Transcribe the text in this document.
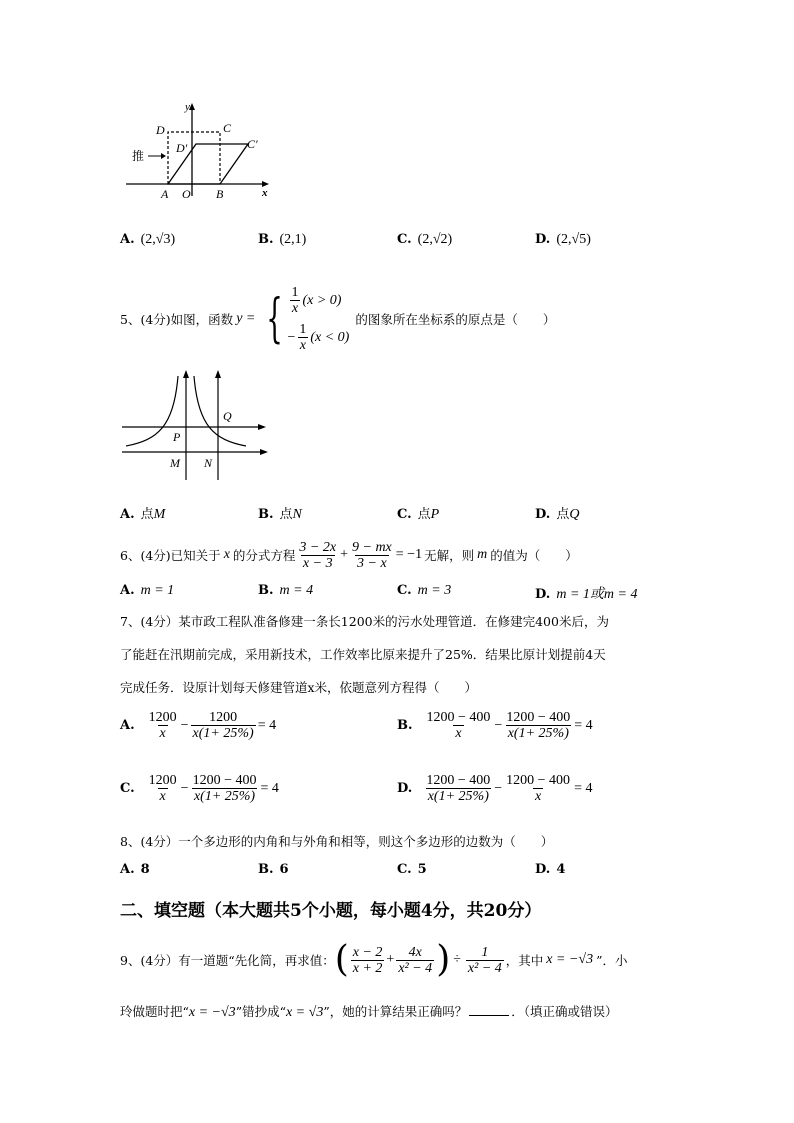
y
x
D	C
D′	C′
推
A O B
A. (2,√3)	B. (2,1)	C. (2,√2)	D. (2,√5)
5、(4分) 如图，函数 y = { $\frac{1}{x} (x > 0)$
− $\frac{1}{x} (x < 0)$
的图象所在坐标系的原点是（　　）
Q
P
M N
A. 点M	B. 点N	C. 点P	D. 点Q
6、(4分) 已知关于 x 的分式方程 $\frac{3 - 2x}{x - 3} + \frac{9 - mx}{3 - x} = -1$ 无解，则 m 的值为（　　）
A. m = 1	B. m = 4	C. m = 3	D. m = 1或m = 4
7、(4分）某市政工程队准备修建一条长1200米的污水处理管道．在修建完400米后，为
了能赶在汛期前完成，采用新技术，工作效率比原来提升了25%．结果比原计划提前4天
完成任务．设原计划每天修建管道x米，依题意列方程得（　　）
A. $\frac{1200}{x} - \frac{1200}{x(1+ 25\%)} = 4$	B. $\frac{1200 - 400}{x} - \frac{1200 - 400}{x(1+ 25\%)} = 4$
C. $\frac{1200}{x} - \frac{1200 - 400}{x(1+ 25\%)} = 4$	D. $\frac{1200 - 400}{x(1+ 25\%)} - \frac{1200 - 400}{x} = 4$
8、(4分）一个多边形的内角和与外角和相等，则这个多边形的边数为（　　）
A. 8	B. 6	C. 5	D. 4
二、填空题（本大题共5个小题，每小题4分，共20分）
9、(4分） 有一道题“先化简，再求值： ( $\frac{x - 2}{x + 2} + \frac{4x}{\text{x² − 4}}$ ) ÷ $\frac{1}{\text{x² − 4}}$ ，其中 x = −√3 ”．小
玲做题时把“x = −√3”错抄成“x = √3”，她的计算结果正确吗？	．（填正确或错误）
